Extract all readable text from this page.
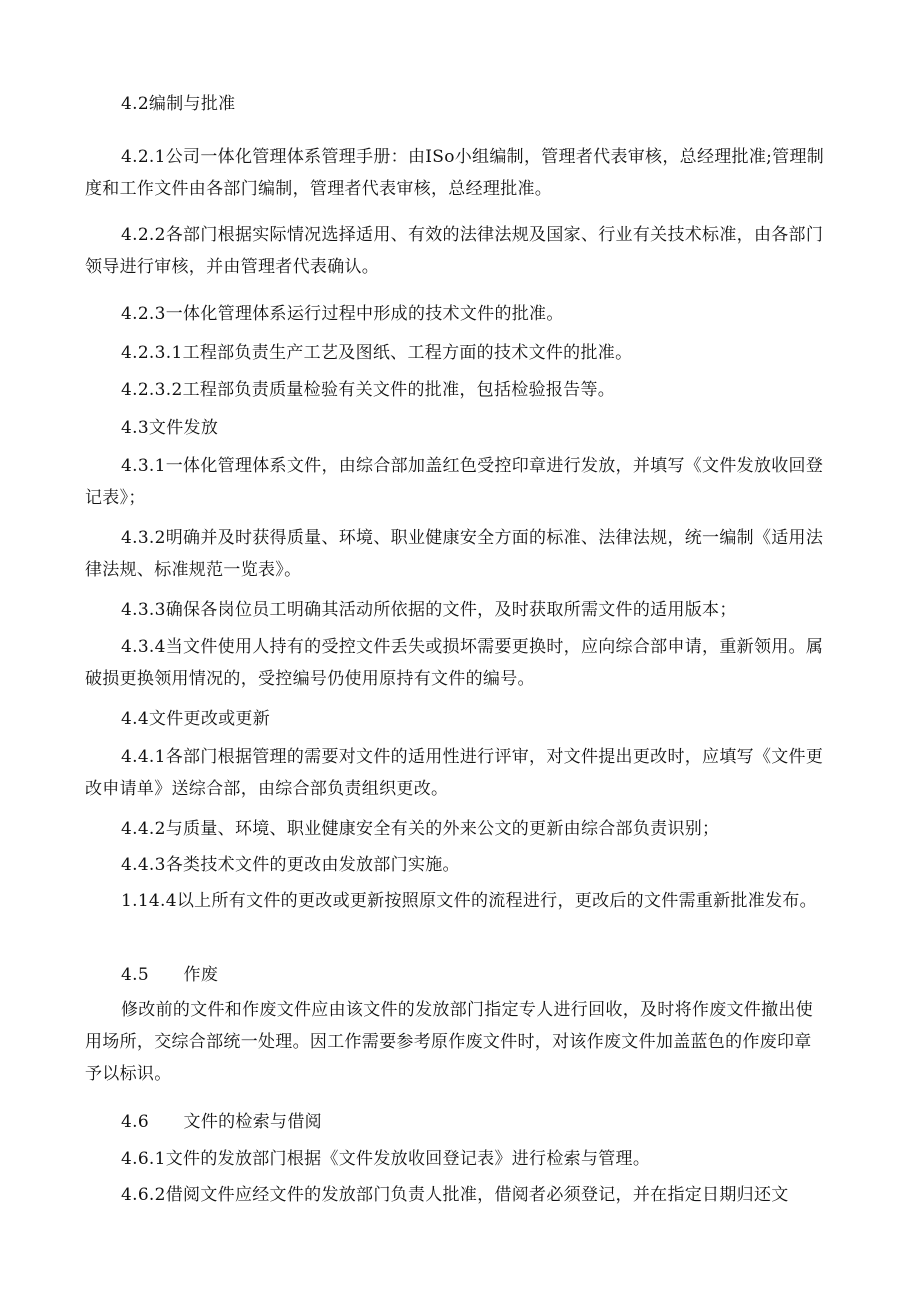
4.2编制与批准

4.2.1公司一体化管理体系管理手册：由ISo小组编制，管理者代表审核，总经理批准;管理制度和工作文件由各部门编制，管理者代表审核，总经理批准。

4.2.2各部门根据实际情况选择适用、有效的法律法规及国家、行业有关技术标准，由各部门领导进行审核，并由管理者代表确认。

4.2.3一体化管理体系运行过程中形成的技术文件的批准。

4.2.3.1工程部负责生产工艺及图纸、工程方面的技术文件的批准。

4.2.3.2工程部负责质量检验有关文件的批准，包括检验报告等。

4.3文件发放

4.3.1一体化管理体系文件，由综合部加盖红色受控印章进行发放，并填写《文件发放收回登记表》；

4.3.2明确并及时获得质量、环境、职业健康安全方面的标准、法律法规，统一编制《适用法律法规、标准规范一览表》。

4.3.3确保各岗位员工明确其活动所依据的文件，及时获取所需文件的适用版本；

4.3.4当文件使用人持有的受控文件丢失或损坏需要更换时，应向综合部申请，重新领用。属破损更换领用情况的，受控编号仍使用原持有文件的编号。

4.4文件更改或更新

4.4.1各部门根据管理的需要对文件的适用性进行评审，对文件提出更改时，应填写《文件更改申请单》送综合部，由综合部负责组织更改。

4.4.2与质量、环境、职业健康安全有关的外来公文的更新由综合部负责识别；

4.4.3各类技术文件的更改由发放部门实施。

1.14.4以上所有文件的更改或更新按照原文件的流程进行，更改后的文件需重新批准发布。

4.5　　作废

修改前的文件和作废文件应由该文件的发放部门指定专人进行回收，及时将作废文件撤出使用场所，交综合部统一处理。因工作需要参考原作废文件时，对该作废文件加盖蓝色的作废印章予以标识。

4.6　　文件的检索与借阅

4.6.1文件的发放部门根据《文件发放收回登记表》进行检索与管理。

4.6.2借阅文件应经文件的发放部门负责人批准，借阅者必须登记，并在指定日期归还文
